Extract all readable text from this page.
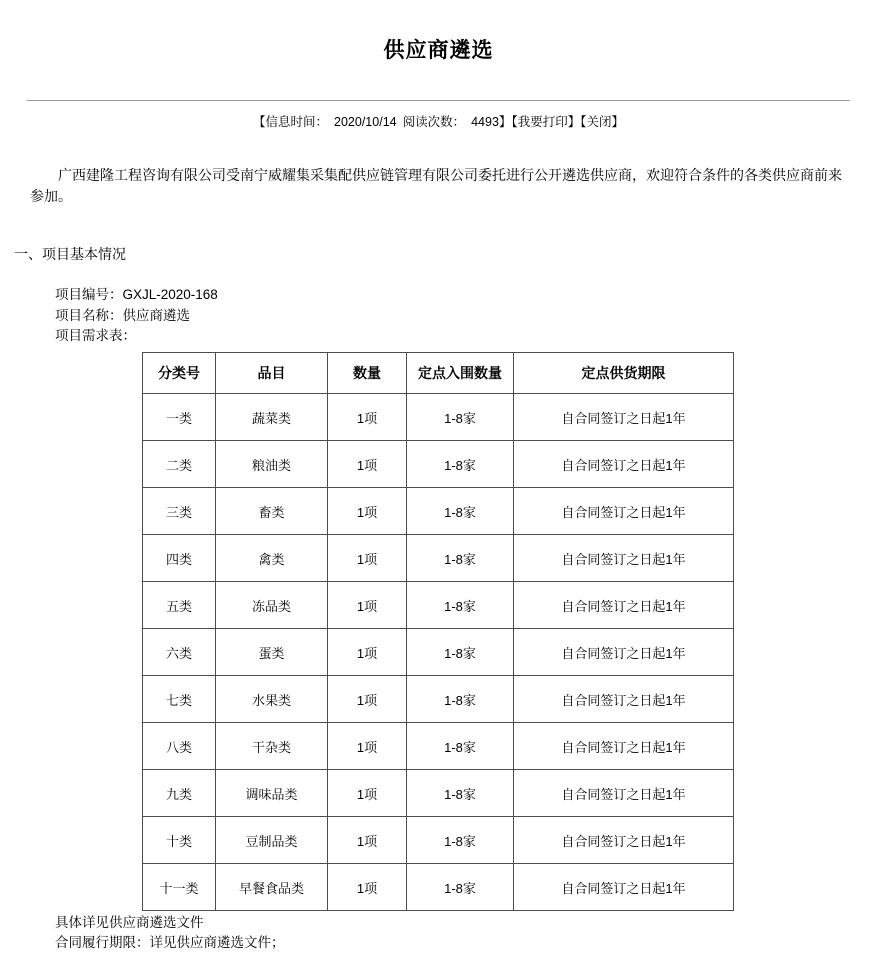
供应商遴选
【信息时间： 2020/10/14 阅读次数： 4493】【我要打印】【关闭】

广西建隆工程咨询有限公司受南宁威耀集采集配供应链管理有限公司委托进行公开遴选供应商，欢迎符合条件的各类供应商前来参加。

一、项目基本情况
项目编号：GXJL-2020-168
项目名称：供应商遴选
项目需求表：
分类号	品目	数量	定点入围数量	定点供货期限
一类	蔬菜类	1项	1-8家	自合同签订之日起1年
二类	粮油类	1项	1-8家	自合同签订之日起1年
三类	畜类	1项	1-8家	自合同签订之日起1年
四类	禽类	1项	1-8家	自合同签订之日起1年
五类	冻品类	1项	1-8家	自合同签订之日起1年
六类	蛋类	1项	1-8家	自合同签订之日起1年
七类	水果类	1项	1-8家	自合同签订之日起1年
八类	干杂类	1项	1-8家	自合同签订之日起1年
九类	调味品类	1项	1-8家	自合同签订之日起1年
十类	豆制品类	1项	1-8家	自合同签订之日起1年
十一类	早餐食品类	1项	1-8家	自合同签订之日起1年
具体详见供应商遴选文件
合同履行期限：详见供应商遴选文件；
